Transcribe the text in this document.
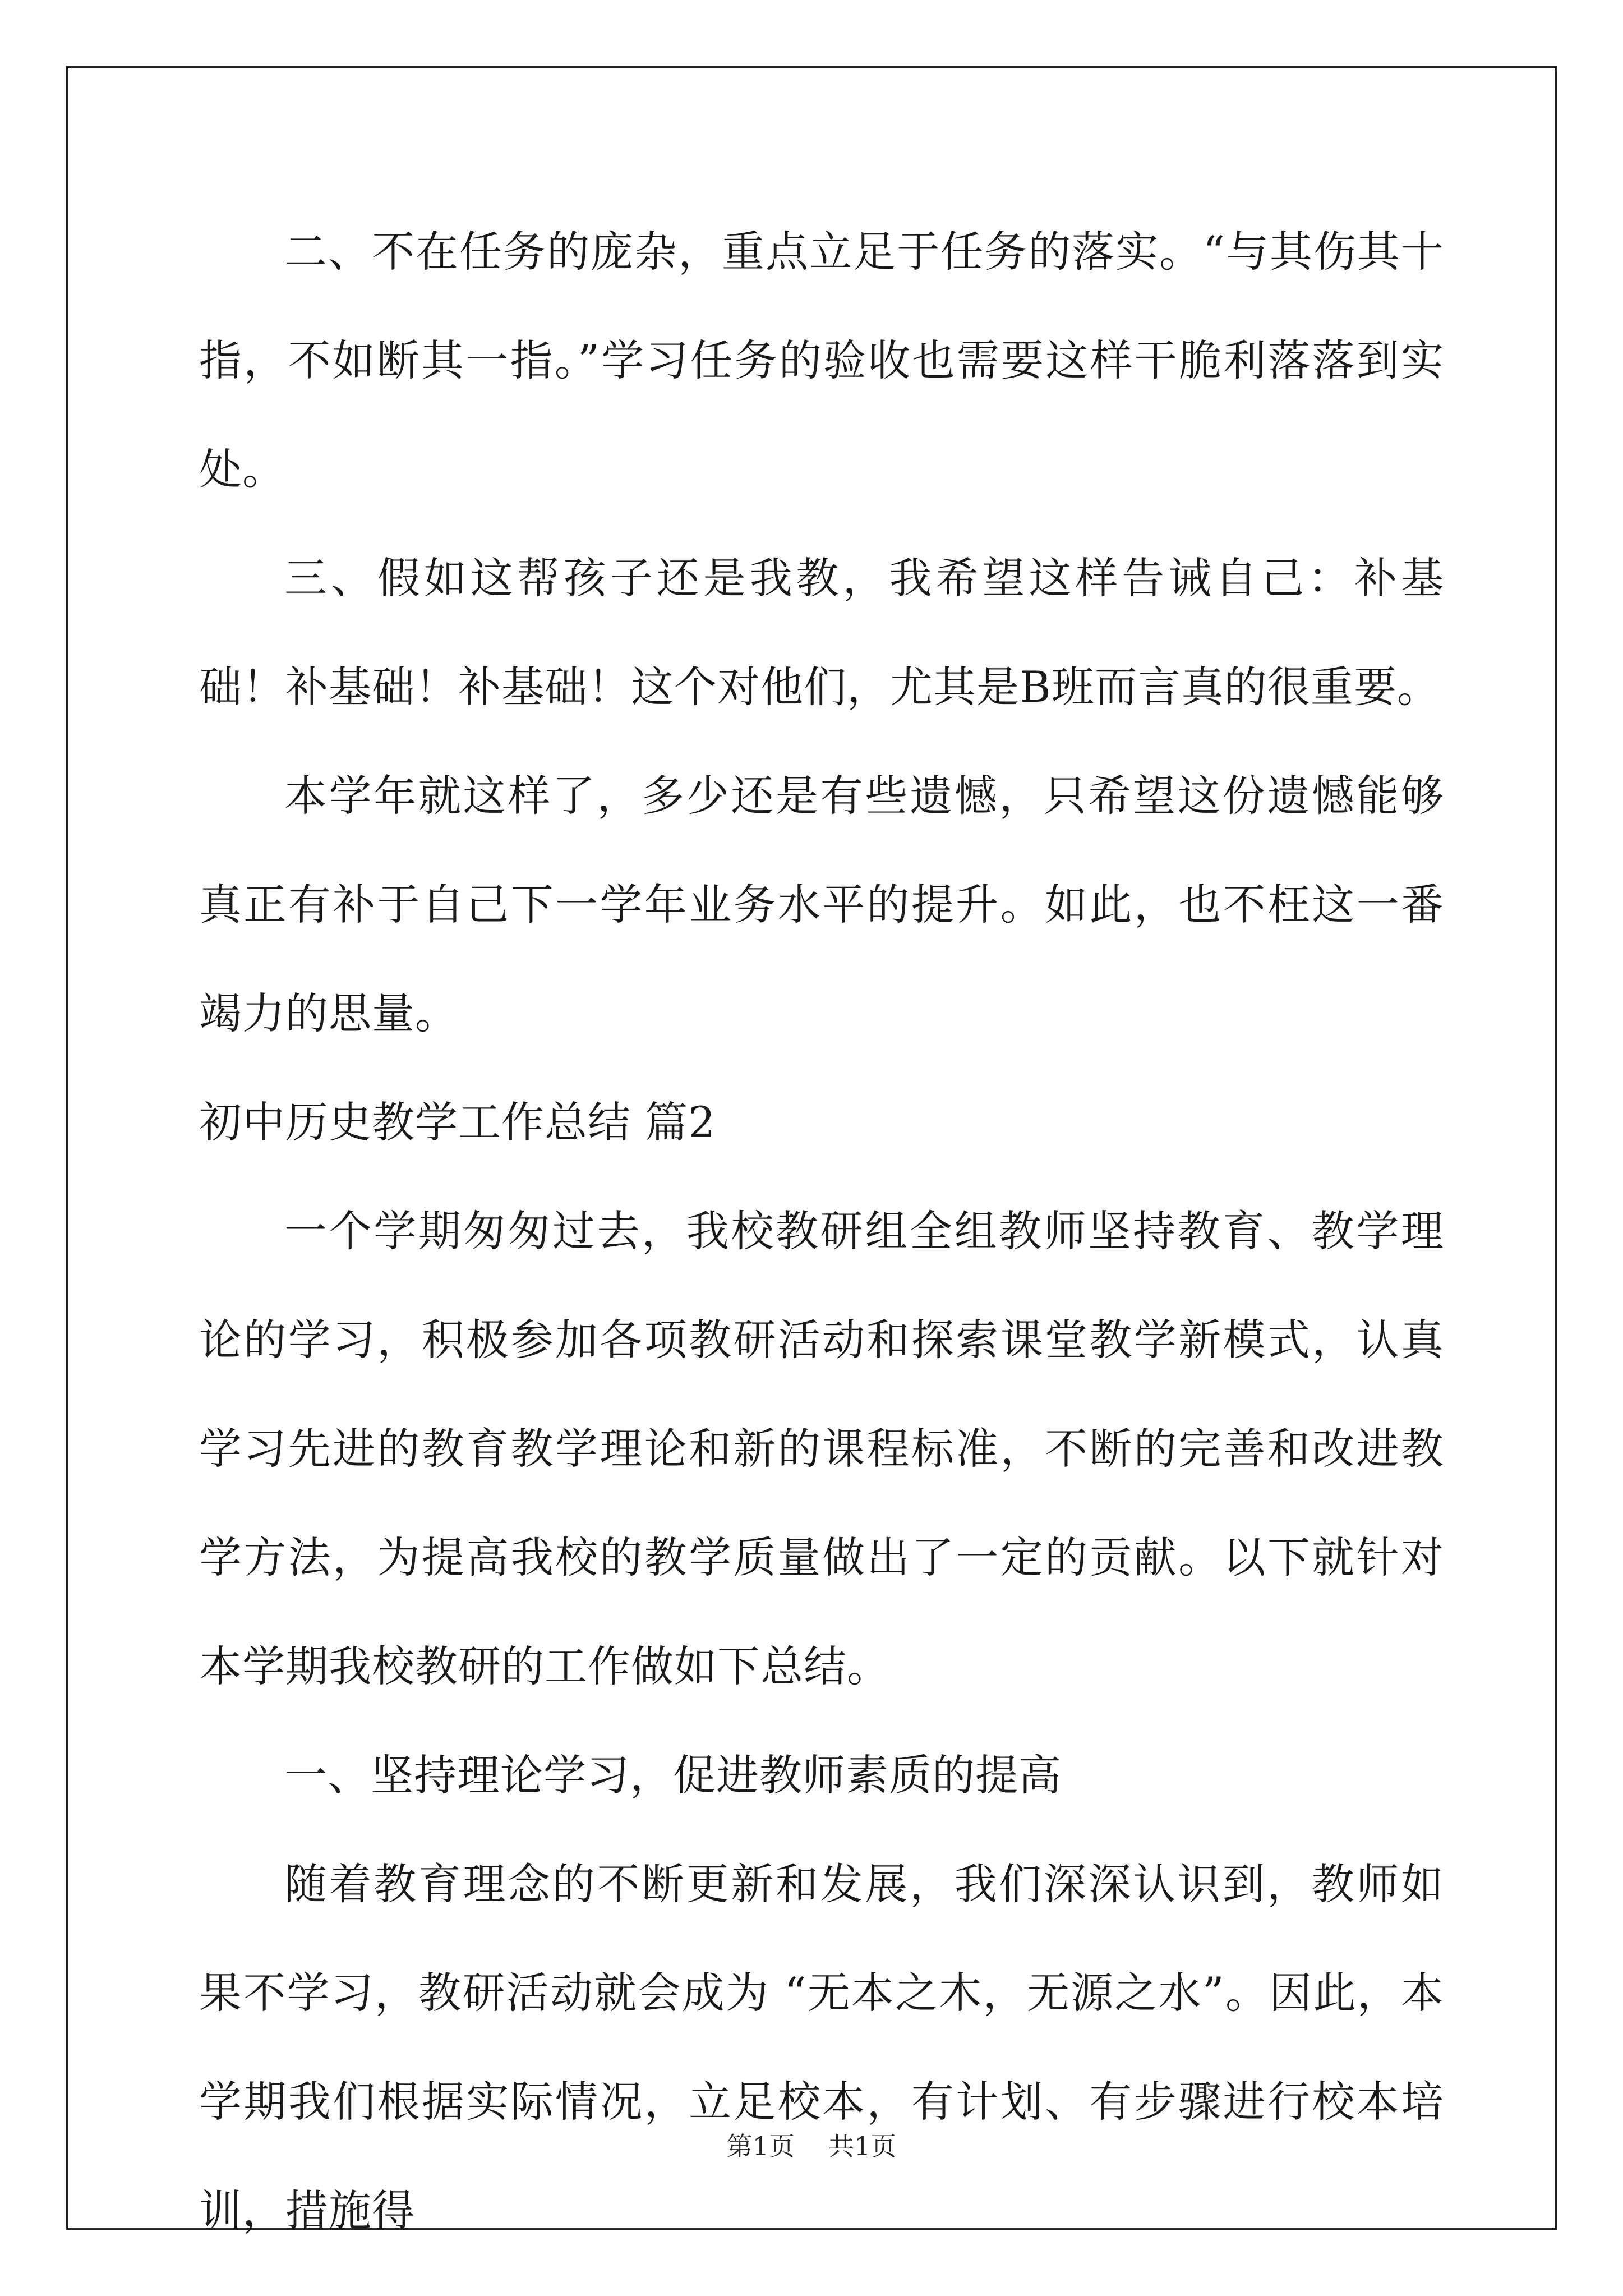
二、不在任务的庞杂，重点立足于任务的落实。“与其伤其十指，不如断其一指。”学习任务的验收也需要这样干脆利落落到实处。

三、假如这帮孩子还是我教，我希望这样告诫自己：补基础！补基础！补基础！这个对他们，尤其是B班而言真的很重要。

本学年就这样了，多少还是有些遗憾，只希望这份遗憾能够真正有补于自己下一学年业务水平的提升。如此，也不枉这一番竭力的思量。

初中历史教学工作总结 篇2

一个学期匆匆过去，我校教研组全组教师坚持教育、教学理论的学习，积极参加各项教研活动和探索课堂教学新模式，认真学习先进的教育教学理论和新的课程标准，不断的完善和改进教学方法，为提高我校的教学质量做出了一定的贡献。以下就针对本学期我校教研的工作做如下总结。

一、坚持理论学习，促进教师素质的提高

随着教育理念的不断更新和发展，我们深深认识到，教师如果不学习，教研活动就会成为 “无本之木，无源之水”。因此，本学期我们根据实际情况，立足校本，有计划、有步骤进行校本培训，措施得

第1页 共1页
